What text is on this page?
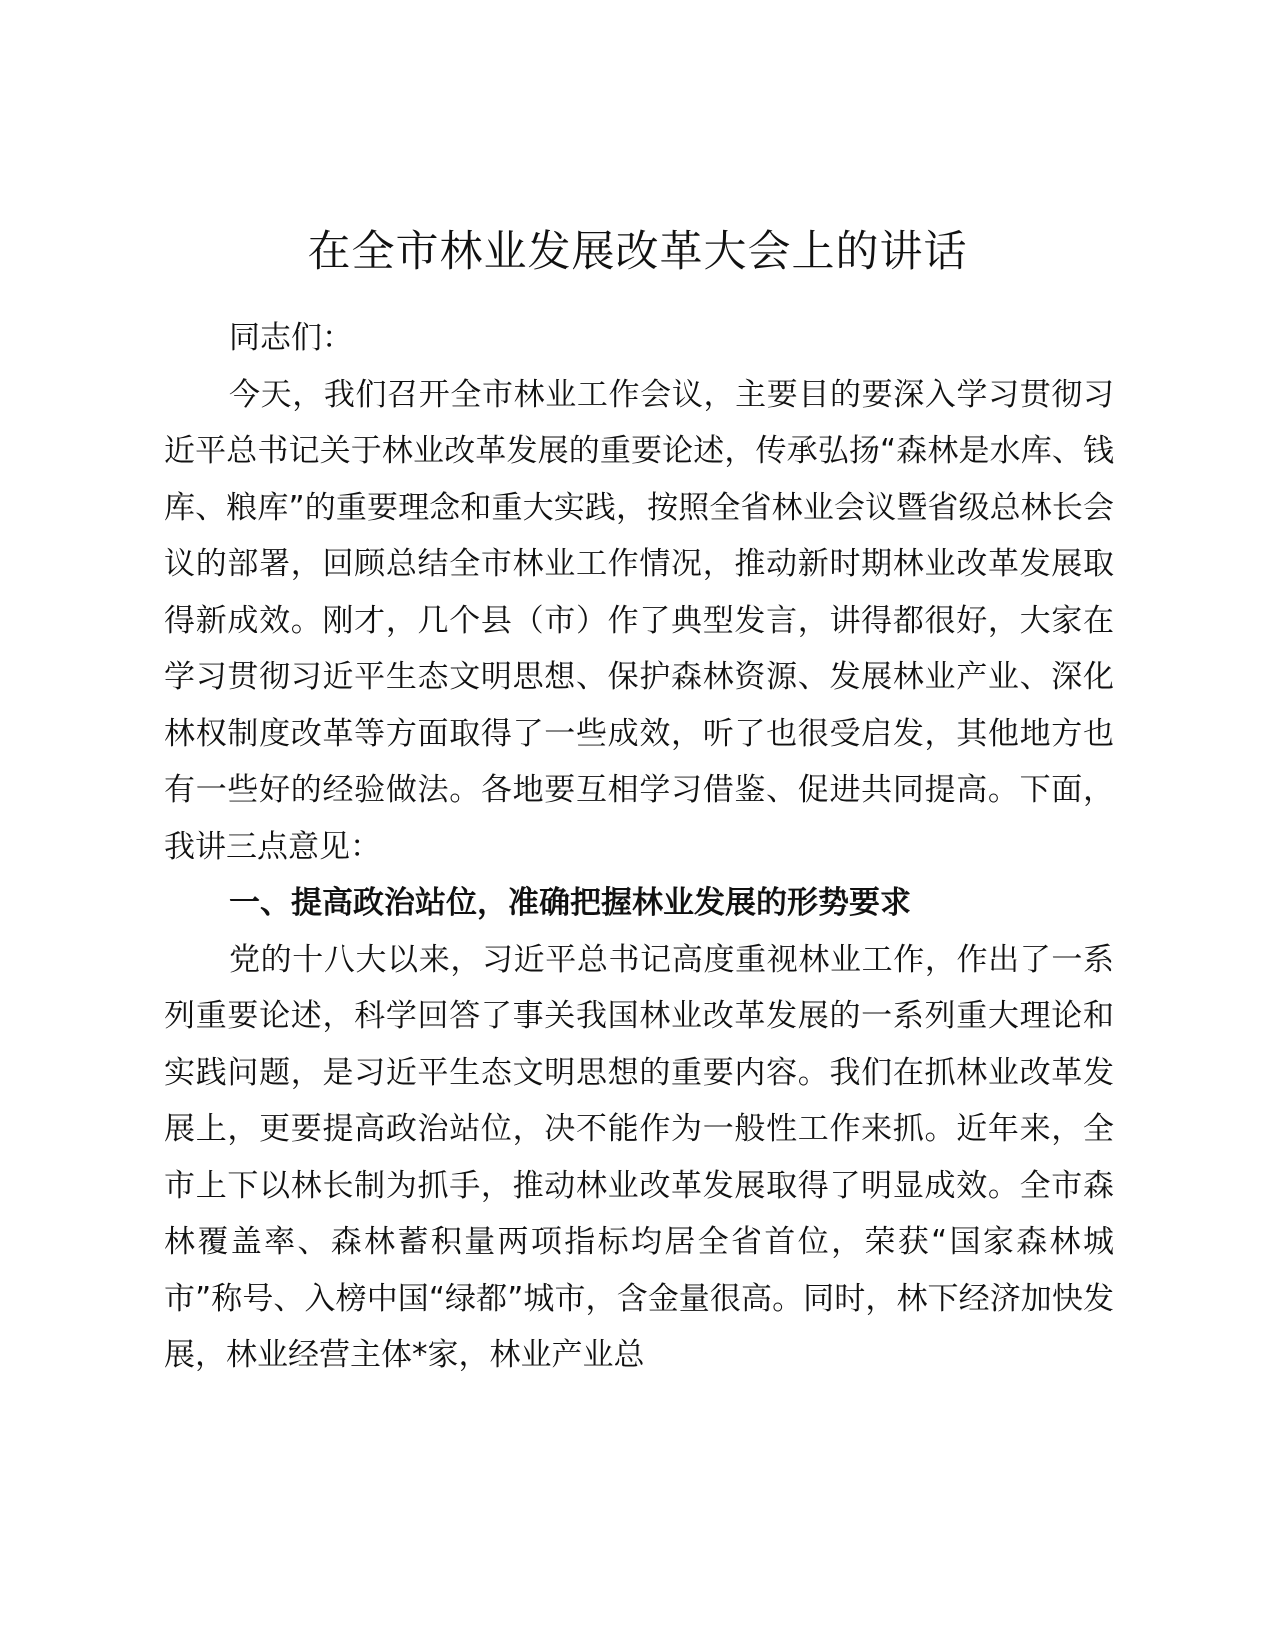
在全市林业发展改革大会上的讲话

同志们：

今天，我们召开全市林业工作会议，主要目的要深入学习贯彻习近平总书记关于林业改革发展的重要论述，传承弘扬“森林是水库、钱库、粮库”的重要理念和重大实践，按照全省林业会议暨省级总林长会议的部署，回顾总结全市林业工作情况，推动新时期林业改革发展取得新成效。刚才，几个县（市）作了典型发言，讲得都很好，大家在学习贯彻习近平生态文明思想、保护森林资源、发展林业产业、深化林权制度改革等方面取得了一些成效，听了也很受启发，其他地方也有一些好的经验做法。各地要互相学习借鉴、促进共同提高。下面，我讲三点意见：

一、提高政治站位，准确把握林业发展的形势要求

党的十八大以来，习近平总书记高度重视林业工作，作出了一系列重要论述，科学回答了事关我国林业改革发展的一系列重大理论和实践问题，是习近平生态文明思想的重要内容。我们在抓林业改革发展上，更要提高政治站位，决不能作为一般性工作来抓。近年来，全市上下以林长制为抓手，推动林业改革发展取得了明显成效。全市森林覆盖率、森林蓄积量两项指标均居全省首位，荣获“国家森林城市”称号、入榜中国“绿都”城市，含金量很高。同时，林下经济加快发展，林业经营主体*家，林业产业总
